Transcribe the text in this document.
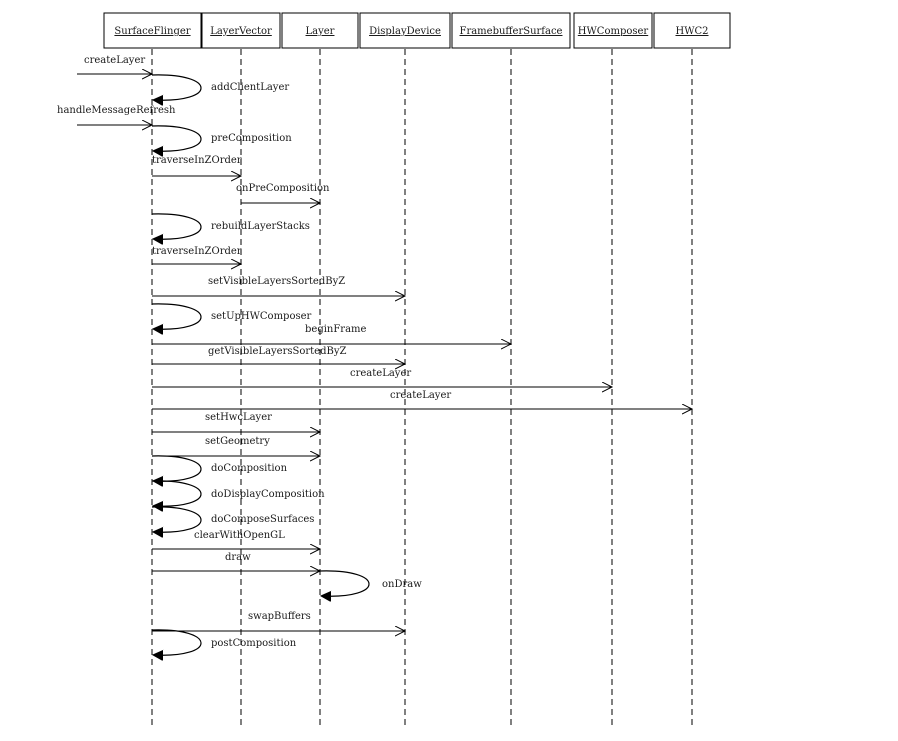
SurfaceFlinger LayerVector	Layer	DisplayDevice FramebufferSurface HWComposer	HWC2
createLayer
addClientLayer
handleMessageRefresh
preComposition
traverseInZOrder
onPreComposition
rebuildLayerStacks
traverseInZOrder
setVisibleLayersSortedByZ
setUpHWComposer
beginFrame
getVisibleLayersSortedByZ
createLayer
createLayer
setHwcLayer
setGeometry
doComposition
doDisplayComposition
doComposeSurfaces
clearWithOpenGL
draw
onDraw
swapBuffers
postComposition
